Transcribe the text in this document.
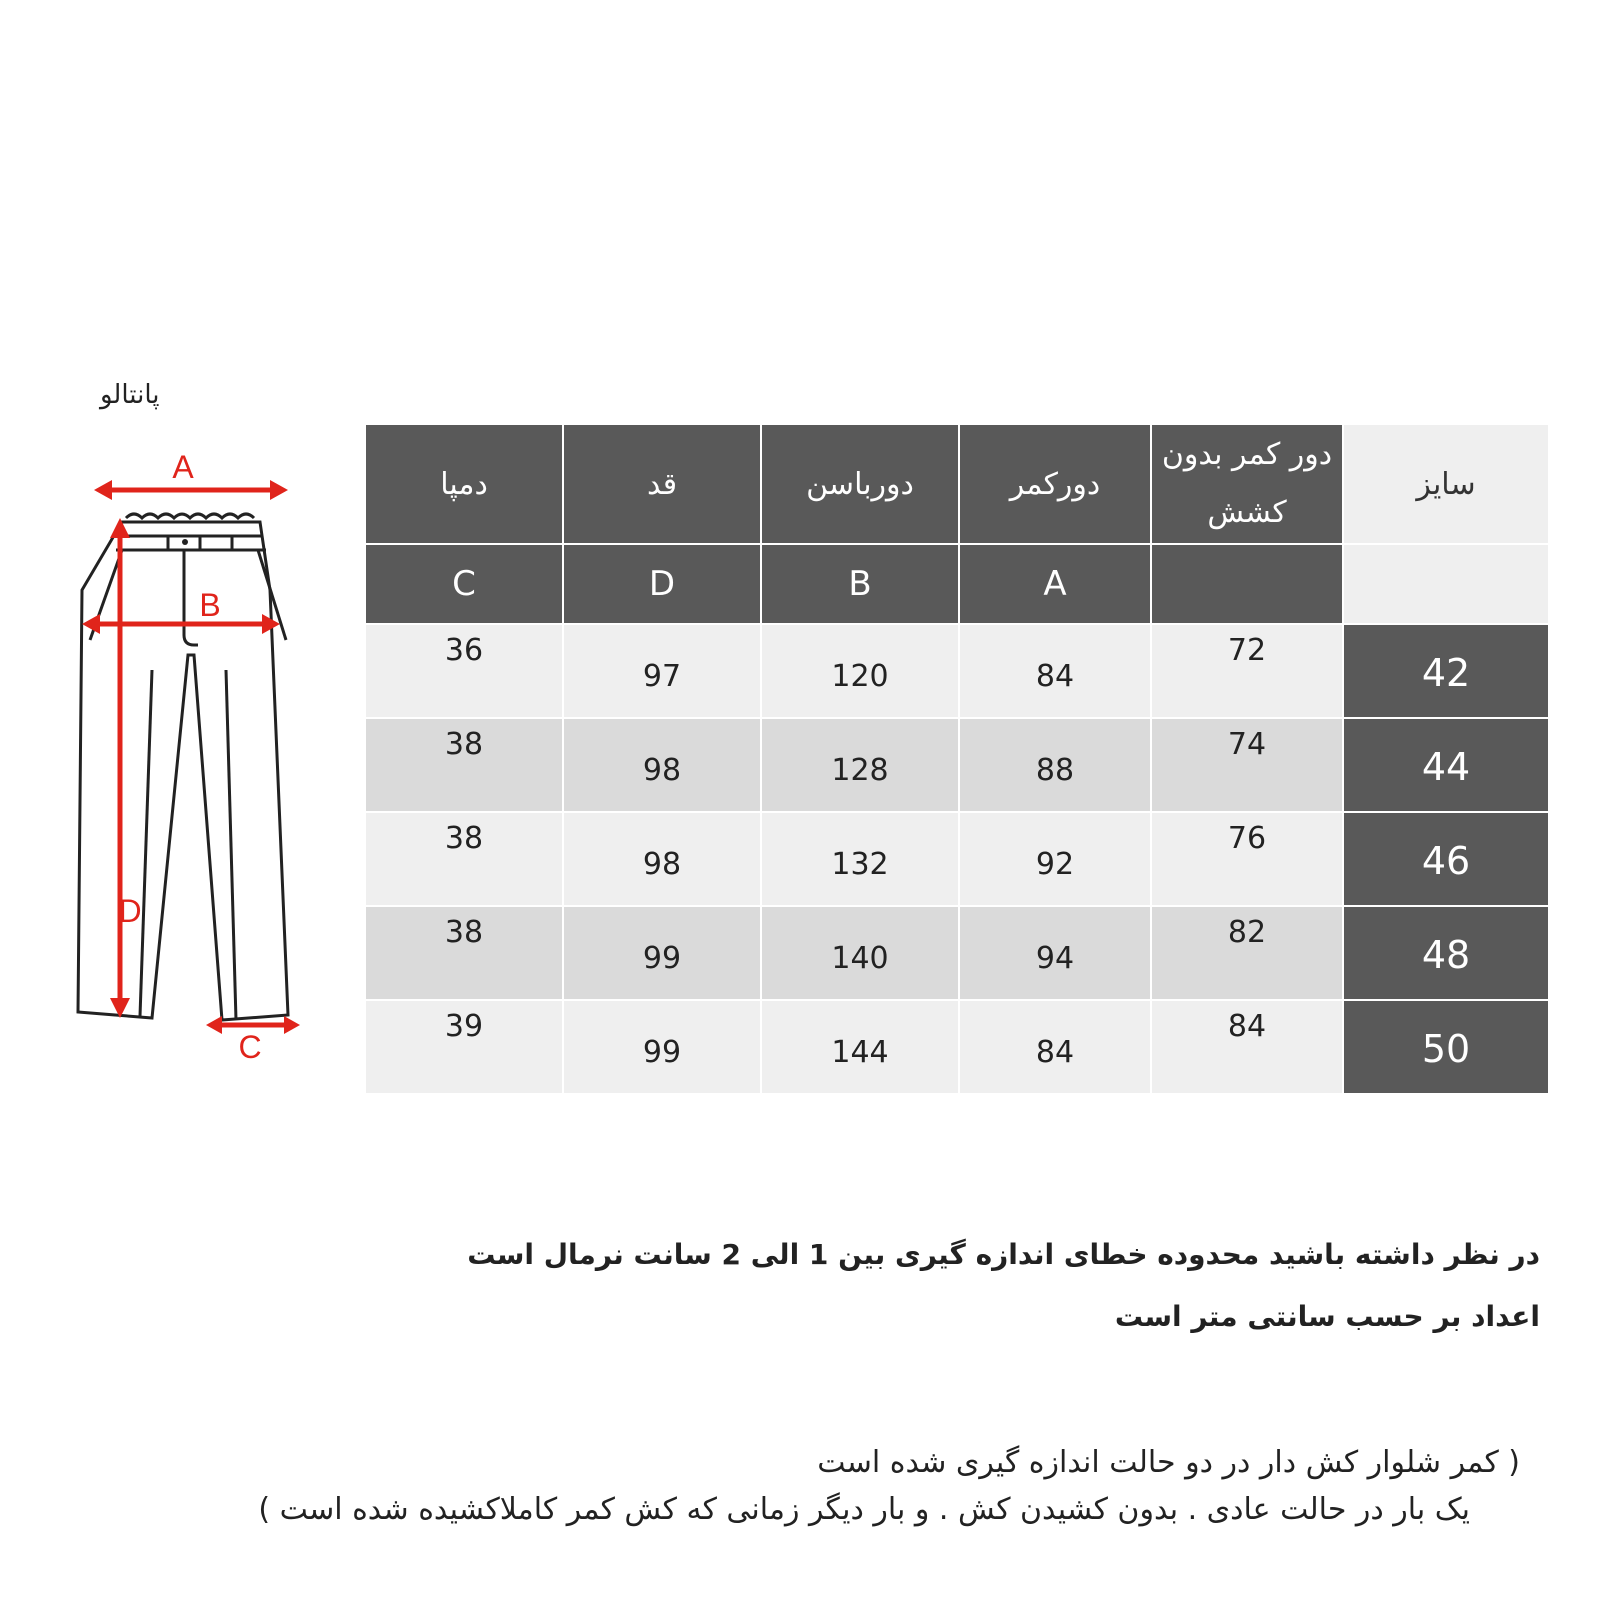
پانتالو
A
B
D
C
دمپا	قد	دورباسن	دورکمر	دور کمر بدون کشش	سایز
C	D	B	A		

36	97	120	84	72	42

38	98	128	88	74	44

38	98	132	92	76	46

38	99	140	94	82	48

39	99	144	84	84	50
در نظر داشته باشید محدوده خطای اندازه گیری بین 1 الی 2 سانت نرمال است
اعداد بر حسب سانتی متر است
( کمر شلوار کش دار در دو حالت اندازه گیری شده است
یک بار در حالت عادی . بدون کشیدن کش . و بار دیگر زمانی که کش کمر کاملاکشیده شده است )
